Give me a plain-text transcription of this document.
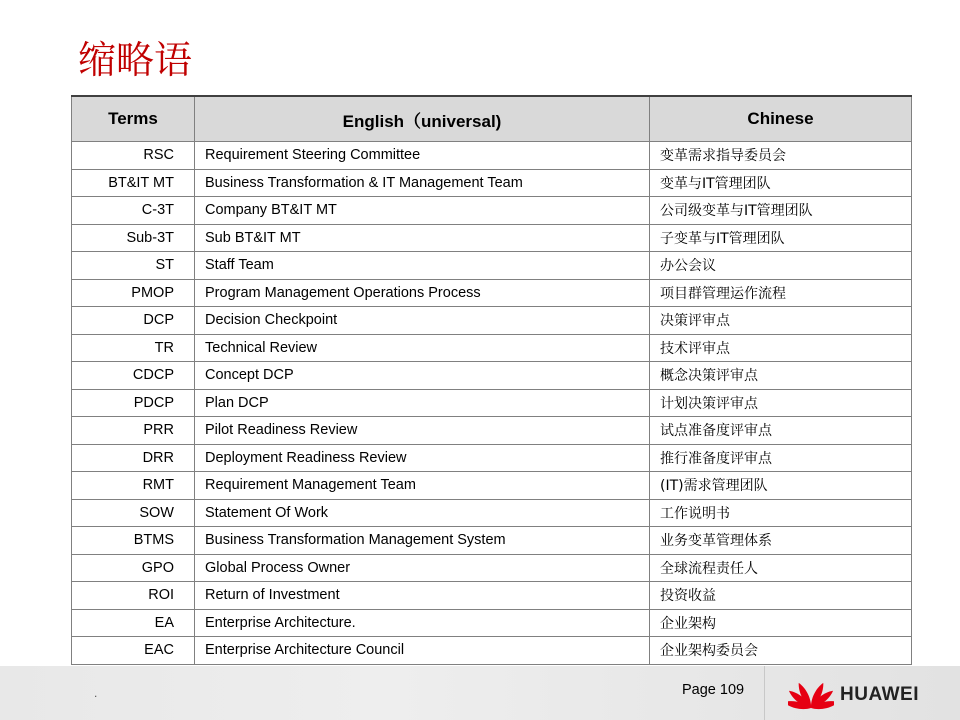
缩略语
Terms	English（universal)	Chinese
RSC	Requirement Steering Committee	变革需求指导委员会
BT&IT MT	Business Transformation & IT Management Team	变革与IT管理团队
C-3T	Company BT&IT MT	公司级变革与IT管理团队
Sub-3T	Sub BT&IT MT	子变革与IT管理团队
ST	Staff Team	办公会议
PMOP	Program Management Operations Process	项目群管理运作流程
DCP	Decision Checkpoint	决策评审点
TR	Technical Review	技术评审点
CDCP	Concept DCP	概念决策评审点
PDCP	Plan DCP	计划决策评审点
PRR	Pilot Readiness Review	试点准备度评审点
DRR	Deployment Readiness Review	推行准备度评审点
RMT	Requirement Management Team	(IT)需求管理团队
SOW	Statement Of Work	工作说明书
BTMS	Business Transformation Management System	业务变革管理体系
GPO	Global Process Owner	全球流程责任人
ROI	Return of Investment	投资收益
EA	Enterprise Architecture.	企业架构
EAC	Enterprise Architecture Council	企业架构委员会
.	Page 109	HUAWEI
